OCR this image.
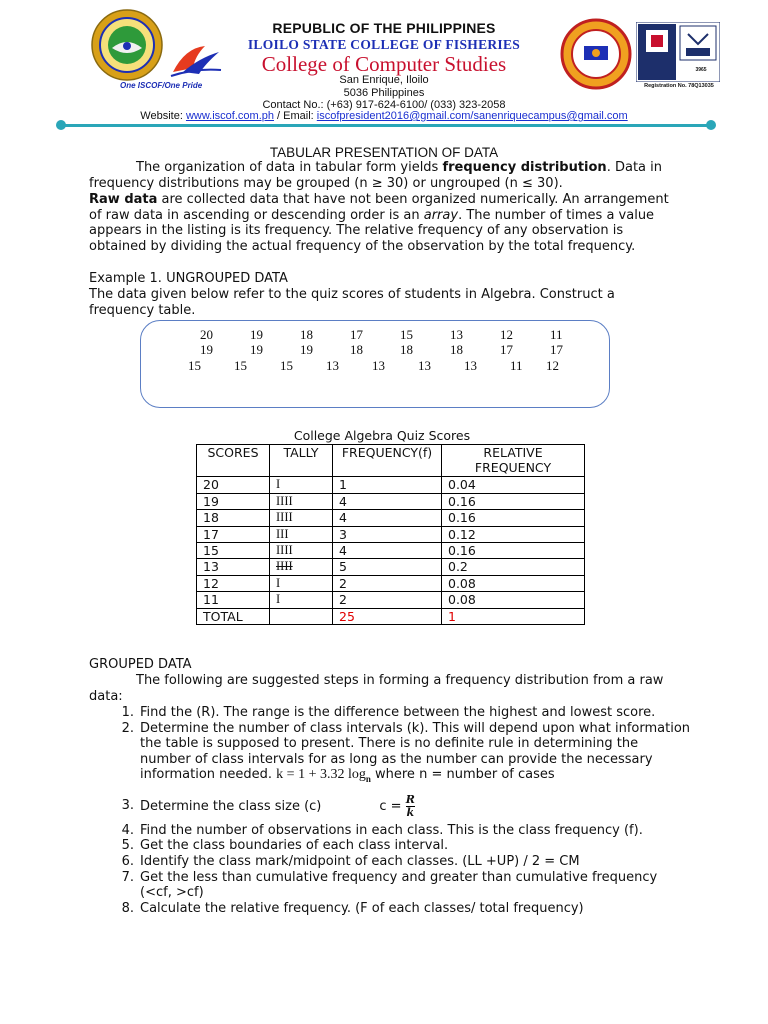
One ISCOF/One Pride
3965
Registration No. 78Q13035
REPUBLIC OF THE PHILIPPINES
ILOILO STATE COLLEGE OF FISHERIES
College of Computer Studies
San Enrique, Iloilo
5036 Philippines
Contact No.: (+63) 917-624-6100/ (033) 323-2058
Website: www.iscof.com.ph / Email: iscofpresident2016@gmail.com/sanenriquecampus@gmail.com
TABULAR PRESENTATION OF DATA
The organization of data in tabular form yields frequency distribution. Data in frequency distributions may be grouped (n ≥ 30) or ungrouped (n ≤ 30).
Raw data are collected data that have not been organized numerically. An arrangement of raw data in ascending or descending order is an array. The number of times a value appears in the listing is its frequency. The relative frequency of any observation is obtained by dividing the actual frequency of the observation by the total frequency.
Example 1. UNGROUPED DATA
The data given below refer to the quiz scores of students in Algebra. Construct a frequency table.
20	19	18	17	15	13	12	11
19	19	19	18	18	18	17	17
15	15	15	13	13	13	13	11	12
College Algebra Quiz Scores
SCORES	TALLY	FREQUENCY(f)	RELATIVE FREQUENCY
20	I	1	0.04
19	IIII	4	0.16
18	IIII	4	0.16
17	III	3	0.12
15	IIII	4	0.16
13	IIII	5	0.2
12	I	2	0.08
11	I	2	0.08
TOTAL		25	1
GROUPED DATA
The following are suggested steps in forming a frequency distribution from a raw data:
1. Find the (R). The range is the difference between the highest and lowest score.
2. Determine the number of class intervals (k). This will depend upon what information the table is supposed to present. There is no definite rule in determining the number of class intervals for as long as the number can provide the necessary information needed. k = 1 + 3.32 $\log_n$ where n = number of cases
3. Determine the class size (c)	$c = \frac{R}{k}$
4. Find the number of observations in each class. This is the class frequency (f).
5. Get the class boundaries of each class interval.
6. Identify the class mark/midpoint of each classes. (LL +UP) / 2 = CM
7. Get the less than cumulative frequency and greater than cumulative frequency (<cf, >cf)
8. Calculate the relative frequency. (F of each classes/ total frequency)
